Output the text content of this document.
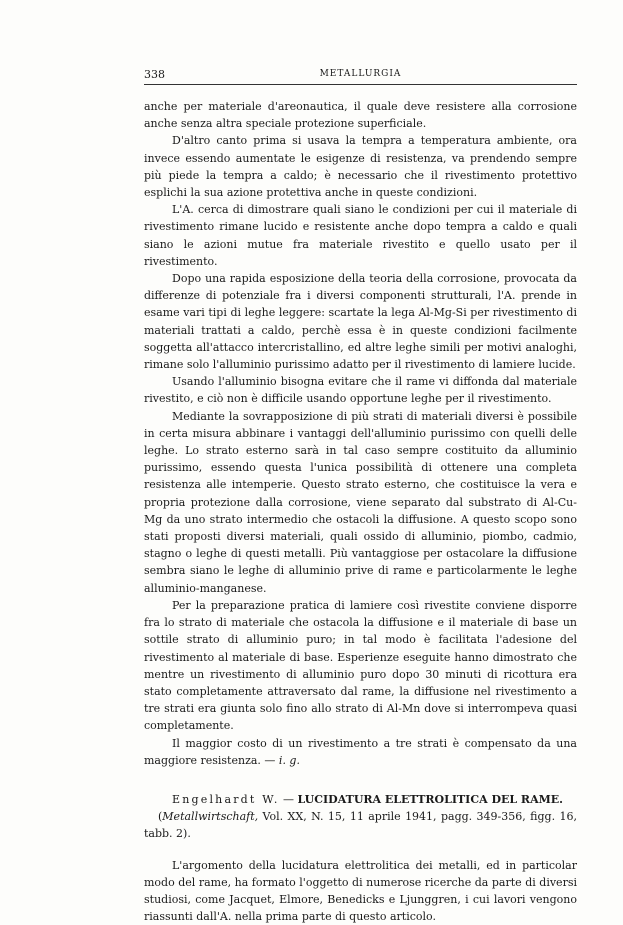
338	METALLURGIA

anche per materiale d'areonautica, il quale deve resistere alla corrosione anche senza altra speciale protezione superficiale.

D'altro canto prima si usava la tempra a temperatura ambiente, ora invece essendo aumentate le esigenze di resistenza, va prendendo sempre più piede la tempra a caldo; è necessario che il rivestimento protettivo esplichi la sua azione protettiva anche in queste condizioni.

L'A. cerca di dimostrare quali siano le condizioni per cui il materiale di rivestimento rimane lucido e resistente anche dopo tempra a caldo e quali siano le azioni mutue fra materiale rivestito e quello usato per il rivestimento.

Dopo una rapida esposizione della teoria della corrosione, provocata da differenze di potenziale fra i diversi componenti strutturali, l'A. prende in esame vari tipi di leghe leggere: scartate la lega Al-Mg-Si per rivestimento di materiali trattati a caldo, perchè essa è in queste condizioni facilmente soggetta all'attacco intercristallino, ed altre leghe simili per motivi analoghi, rimane solo l'alluminio purissimo adatto per il rivestimento di lamiere lucide.

Usando l'alluminio bisogna evitare che il rame vi diffonda dal materiale rivestito, e ciò non è difficile usando opportune leghe per il rivestimento.

Mediante la sovrapposizione di più strati di materiali diversi è possibile in certa misura abbinare i vantaggi dell'alluminio purissimo con quelli delle leghe. Lo strato esterno sarà in tal caso sempre costituito da alluminio purissimo, essendo questa l'unica possibilità di ottenere una completa resistenza alle intemperie. Questo strato esterno, che costituisce la vera e propria protezione dalla corrosione, viene separato dal substrato di Al-Cu-Mg da uno strato intermedio che ostacoli la diffusione. A questo scopo sono stati proposti diversi materiali, quali ossido di alluminio, piombo, cadmio, stagno o leghe di questi metalli. Più vantaggiose per ostacolare la diffusione sembra siano le leghe di alluminio prive di rame e particolarmente le leghe alluminio-manganese.

Per la preparazione pratica di lamiere così rivestite conviene disporre fra lo strato di materiale che ostacola la diffusione e il materiale di base un sottile strato di alluminio puro; in tal modo è facilitata l'adesione del rivestimento al materiale di base. Esperienze eseguite hanno dimostrato che mentre un rivestimento di alluminio puro dopo 30 minuti di ricottura era stato completamente attraversato dal rame, la diffusione nel rivestimento a tre strati era giunta solo fino allo strato di Al-Mn dove si interrompeva quasi completamente.

Il maggior costo di un rivestimento a tre strati è compensato da una maggiore resistenza. — i. g.

Engelhardt W. — LUCIDATURA ELETTROLITICA DEL RAME.
(Metallwirtschaft, Vol. XX, N. 15, 11 aprile 1941, pagg. 349-356, figg. 16, tabb. 2).

L'argomento della lucidatura elettrolitica dei metalli, ed in particolar modo del rame, ha formato l'oggetto di numerose ricerche da parte di diversi studiosi, come Jacquet, Elmore, Benedicks e Ljunggren, i cui lavori vengono riassunti dall'A. nella prima parte di questo articolo.
